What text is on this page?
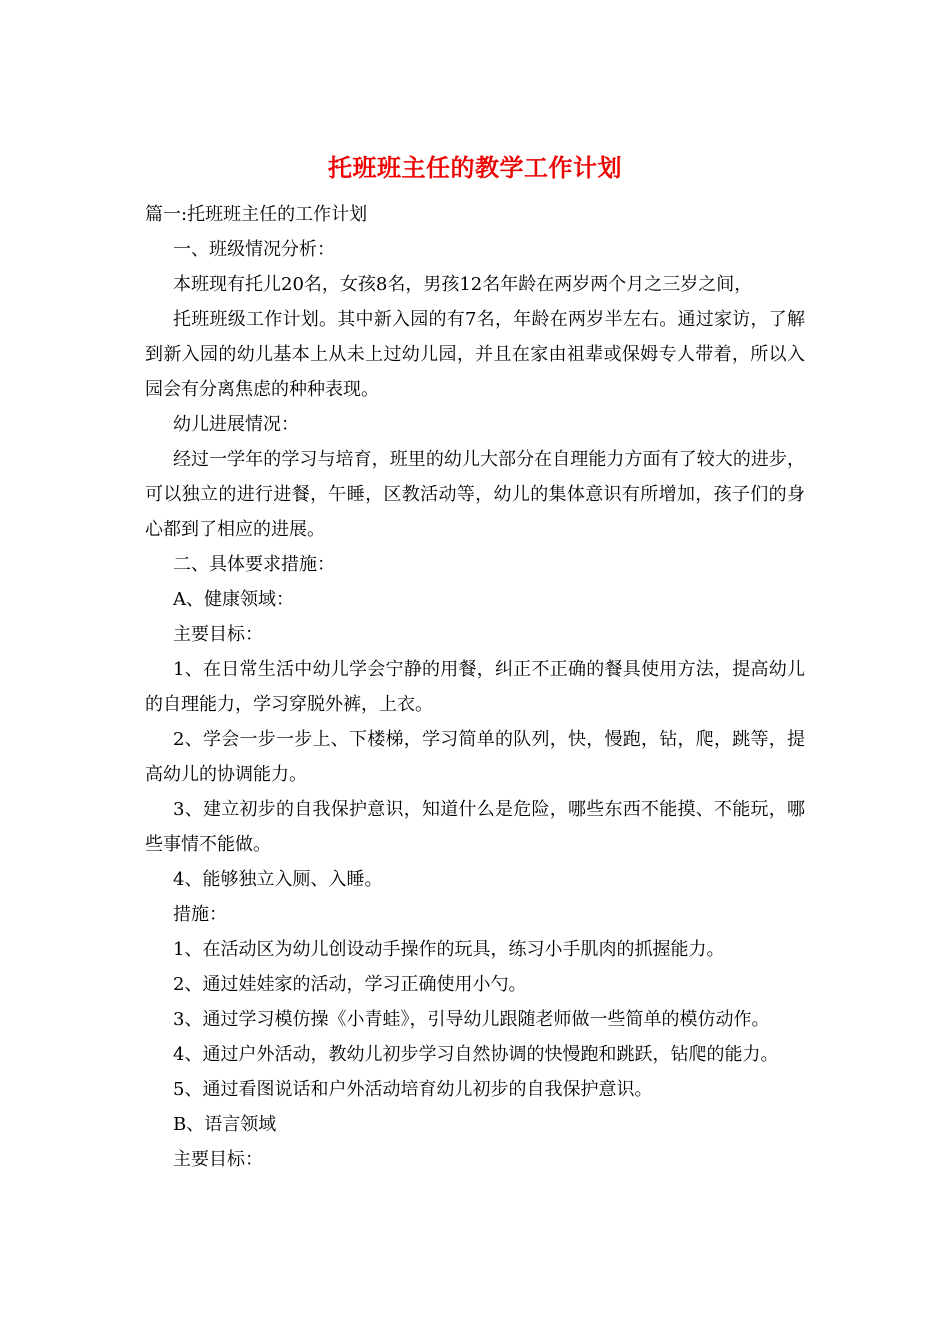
托班班主任的教学工作计划

篇一:托班班主任的工作计划

一、班级情况分析：

本班现有托儿20名，女孩8名，男孩12名年龄在两岁两个月之三岁之间，

托班班级工作计划。其中新入园的有7名，年龄在两岁半左右。通过家访，了解到新入园的幼儿基本上从未上过幼儿园，并且在家由祖辈或保姆专人带着，所以入园会有分离焦虑的种种表现。

幼儿进展情况：

经过一学年的学习与培育，班里的幼儿大部分在自理能力方面有了较大的进步，可以独立的进行进餐，午睡，区教活动等，幼儿的集体意识有所增加，孩子们的身心都到了相应的进展。

二、具体要求措施：

A、健康领域：

主要目标：

1、在日常生活中幼儿学会宁静的用餐，纠正不正确的餐具使用方法，提高幼儿的自理能力，学习穿脱外裤，上衣。

2、学会一步一步上、下楼梯，学习简单的队列，快，慢跑，钻，爬，跳等，提高幼儿的协调能力。

3、建立初步的自我保护意识，知道什么是危险，哪些东西不能摸、不能玩，哪些事情不能做。

4、能够独立入厕、入睡。

措施：

1、在活动区为幼儿创设动手操作的玩具，练习小手肌肉的抓握能力。

2、通过娃娃家的活动，学习正确使用小勺。

3、通过学习模仿操《小青蛙》，引导幼儿跟随老师做一些简单的模仿动作。

4、通过户外活动，教幼儿初步学习自然协调的快慢跑和跳跃，钻爬的能力。

5、通过看图说话和户外活动培育幼儿初步的自我保护意识。

B、语言领域

主要目标：
